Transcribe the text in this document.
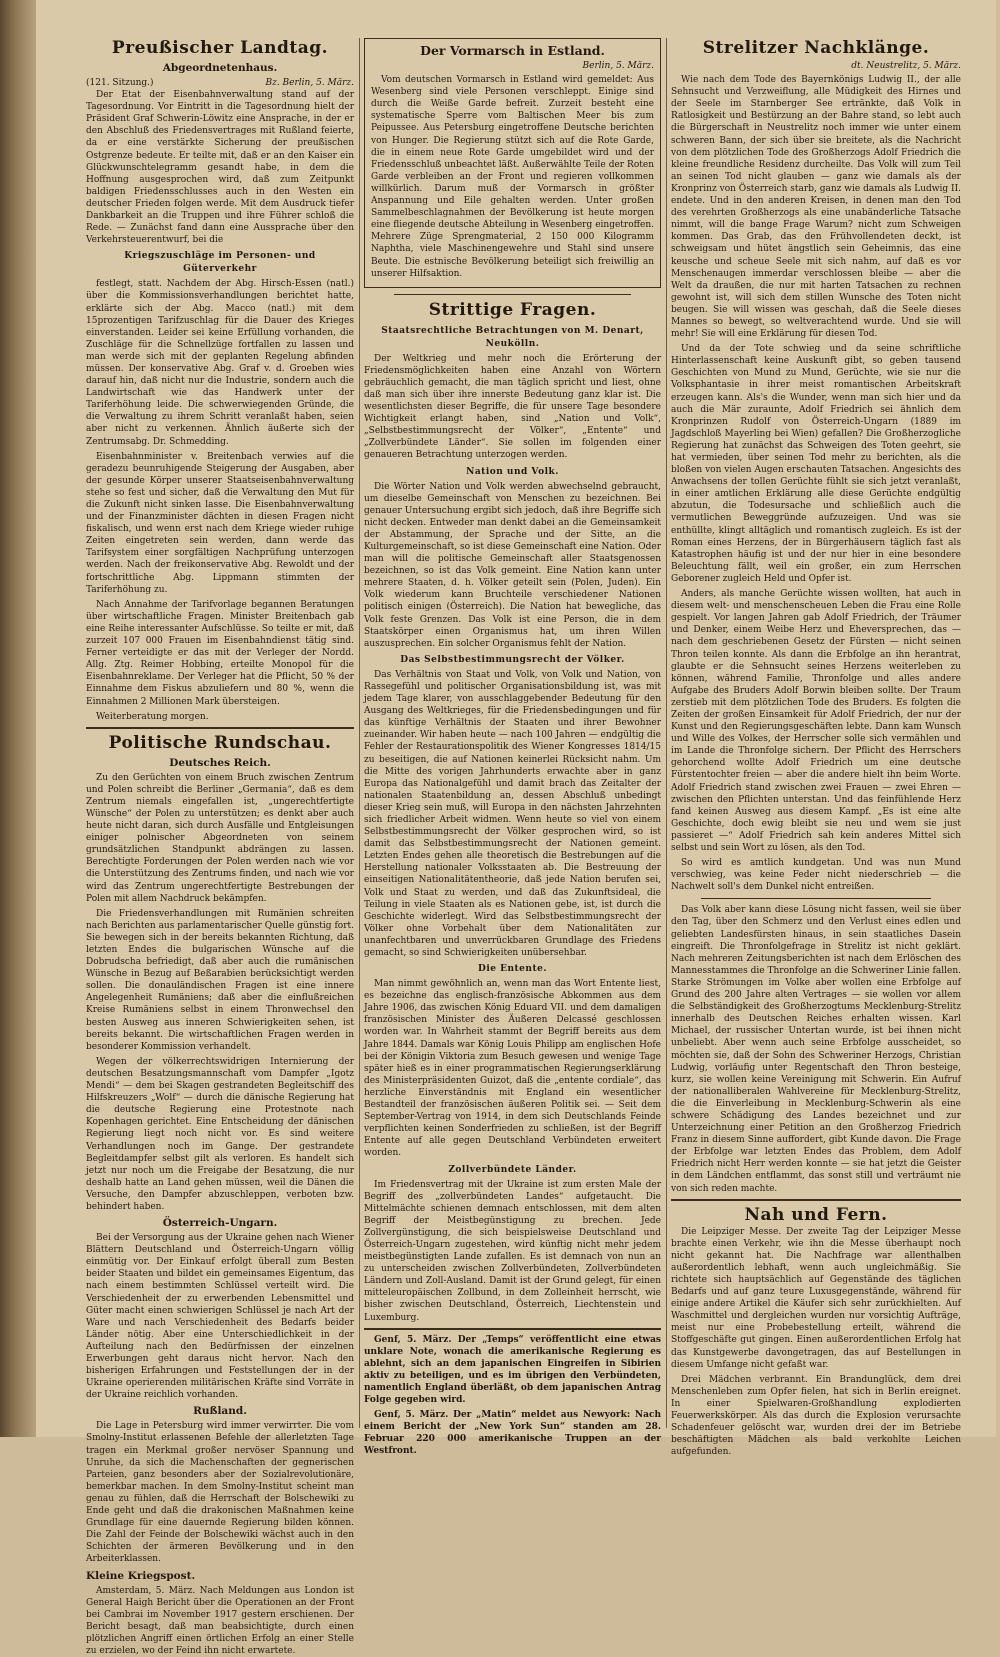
Preußischer Landtag.
Abgeordnetenhaus.
(121. Sitzung.)	Bz. Berlin, 5. März.

Der Etat der Eisenbahnverwaltung stand auf der Tagesordnung. Vor Eintritt in die Tagesordnung hielt der Präsident Graf Schwerin-Löwitz eine Ansprache, in der er den Abschluß des Friedensvertrages mit Rußland feierte, da er eine verstärkte Sicherung der preußischen Ostgrenze bedeute. Er teilte mit, daß er an den Kaiser ein Glückwunschtelegramm gesandt habe, in dem die Hoffnung ausgesprochen wird, daß zum Zeitpunkt baldigen Friedensschlusses auch in den Westen ein deutscher Frieden folgen werde. Mit dem Ausdruck tiefer Dankbarkeit an die Truppen und ihre Führer schloß die Rede. — Zunächst fand dann eine Aussprache über den Verkehrsteuerentwurf, bei die

Kriegszuschläge im Personen- und Güterverkehr

festlegt, statt. Nachdem der Abg. Hirsch-Essen (natl.) über die Kommissionsverhandlungen berichtet hatte, erklärte sich der Abg. Macco (natl.) mit dem 15prozentigen Tarifzuschlag für die Dauer des Krieges einverstanden. Leider sei keine Erfüllung vorhanden, die Zuschläge für die Schnellzüge fortfallen zu lassen und man werde sich mit der geplanten Regelung abfinden müssen. Der konservative Abg. Graf v. d. Groeben wies darauf hin, daß nicht nur die Industrie, sondern auch die Landwirtschaft wie das Handwerk unter der Tariferhöhung leide. Die schwerwiegenden Gründe, die die Verwaltung zu ihrem Schritt veranlaßt haben, seien aber nicht zu verkennen. Ähnlich äußerte sich der Zentrumsabg. Dr. Schmedding.

Eisenbahnminister v. Breitenbach verwies auf die geradezu beunruhigende Steigerung der Ausgaben, aber der gesunde Körper unserer Staatseisenbahnverwaltung stehe so fest und sicher, daß die Verwaltung den Mut für die Zukunft nicht sinken lasse. Die Eisenbahnverwaltung und der Finanzminister dächten in diesen Fragen nicht fiskalisch, und wenn erst nach dem Kriege wieder ruhige Zeiten eingetreten sein werden, dann werde das Tarifsystem einer sorgfältigen Nachprüfung unterzogen werden. Nach der freikonservative Abg. Rewoldt und der fortschrittliche Abg. Lippmann stimmten der Tariferhöhung zu.

Nach Annahme der Tarifvorlage begannen Beratungen über wirtschaftliche Fragen. Minister Breitenbach gab eine Reihe interessanter Aufschlüsse. So teilte er mit, daß zurzeit 107 000 Frauen im Eisenbahndienst tätig sind. Ferner verteidigte er das mit der Verleger der Nordd. Allg. Ztg. Reimer Hobbing, erteilte Monopol für die Eisenbahnreklame. Der Verleger hat die Pflicht, 50 % der Einnahme dem Fiskus abzuliefern und 80 %, wenn die Einnahmen 2 Millionen Mark übersteigen.

Weiterberatung morgen.

Politische Rundschau.
Deutsches Reich.

Zu den Gerüchten von einem Bruch zwischen Zentrum und Polen schreibt die Berliner „Germania“, daß es dem Zentrum niemals eingefallen ist, „ungerechtfertigte Wünsche“ der Polen zu unterstützen; es denkt aber auch heute nicht daran, sich durch Ausfälle und Entgleisungen einiger polnischer Abgeordneten von seinem grundsätzlichen Standpunkt abdrängen zu lassen. Berechtigte Forderungen der Polen werden nach wie vor die Unterstützung des Zentrums finden, und nach wie vor wird das Zentrum ungerechtfertigte Bestrebungen der Polen mit allem Nachdruck bekämpfen.

Die Friedensverhandlungen mit Rumänien schreiten nach Berichten aus parlamentarischer Quelle günstig fort. Sie bewegen sich in der bereits bekannten Richtung, daß letzten Endes die bulgarischen Wünsche auf die Dobrudscha befriedigt, daß aber auch die rumänischen Wünsche in Bezug auf Beßarabien berücksichtigt werden sollen. Die donauländischen Fragen ist eine innere Angelegenheit Rumäniens; daß aber die einflußreichen Kreise Rumäniens selbst in einem Thronwechsel den besten Ausweg aus inneren Schwierigkeiten sehen, ist bereits bekannt. Die wirtschaftlichen Fragen werden in besonderer Kommission verhandelt.

Wegen der völkerrechtswidrigen Internierung der deutschen Besatzungsmannschaft vom Dampfer „Igotz Mendi“ — dem bei Skagen gestrandeten Begleitschiff des Hilfskreuzers „Wolf“ — durch die dänische Regierung hat die deutsche Regierung eine Protestnote nach Kopenhagen gerichtet. Eine Entscheidung der dänischen Regierung liegt noch nicht vor. Es sind weitere Verhandlungen noch im Gange. Der gestrandete Begleitdampfer selbst gilt als verloren. Es handelt sich jetzt nur noch um die Freigabe der Besatzung, die nur deshalb hatte an Land gehen müssen, weil die Dänen die Versuche, den Dampfer abzuschleppen, verboten bzw. behindert haben.

Österreich-Ungarn.

Bei der Versorgung aus der Ukraine gehen nach Wiener Blättern Deutschland und Österreich-Ungarn völlig einmütig vor. Der Einkauf erfolgt überall zum Besten beider Staaten und bildet ein gemeinsames Eigentum, das nach einem bestimmten Schlüssel verteilt wird. Die Verschiedenheit der zu erwerbenden Lebensmittel und Güter macht einen schwierigen Schlüssel je nach Art der Ware und nach Verschiedenheit des Bedarfs beider Länder nötig. Aber eine Unterschiedlichkeit in der Aufteilung nach den Bedürfnissen der einzelnen Erwerbungen geht daraus nicht hervor. Nach den bisherigen Erfahrungen und Feststellungen der in der Ukraine operierenden militärischen Kräfte sind Vorräte in der Ukraine reichlich vorhanden.

Rußland.

Die Lage in Petersburg wird immer verwirrter. Die vom Smolny-Institut erlassenen Befehle der allerletzten Tage tragen ein Merkmal großer nervöser Spannung und Unruhe, da sich die Machenschaften der gegnerischen Parteien, ganz besonders aber der Sozialrevolutionäre, bemerkbar machen. In dem Smolny-Institut scheint man genau zu fühlen, daß die Herrschaft der Bolschewiki zu Ende geht und daß die drakonischen Maßnahmen keine Grundlage für eine dauernde Regierung bilden können. Die Zahl der Feinde der Bolschewiki wächst auch in den Schichten der ärmeren Bevölkerung und in den Arbeiterklassen.

Kleine Kriegspost.

Amsterdam, 5. März. Nach Meldungen aus London ist General Haigh Bericht über die Operationen an der Front bei Cambrai im November 1917 gestern erschienen. Der Bericht besagt, daß man beabsichtigte, durch einen plötzlichen Angriff einen örtlichen Erfolg an einer Stelle zu erzielen, wo der Feind ihn nicht erwartete.

Der Vormarsch in Estland.
Berlin, 5. März.

Vom deutschen Vormarsch in Estland wird gemeldet: Aus Wesenberg sind viele Personen verschleppt. Einige sind durch die Weiße Garde befreit. Zurzeit besteht eine systematische Sperre vom Baltischen Meer bis zum Peipussee. Aus Petersburg eingetroffene Deutsche berichten von Hunger. Die Regierung stützt sich auf die Rote Garde, die in einem neue Rote Garde umgebildet wird und der Friedensschluß unbeachtet läßt. Außerwählte Teile der Roten Garde verbleiben an der Front und regieren vollkommen willkürlich. Darum muß der Vormarsch in größter Anspannung und Eile gehalten werden. Unter großen Sammelbeschlagnahmen der Bevölkerung ist heute morgen eine fliegende deutsche Abteilung in Wesenberg eingetroffen. Mehrere Züge Sprengmaterial, 2 150 000 Kilogramm Naphtha, viele Maschinengewehre und Stahl sind unsere Beute. Die estnische Bevölkerung beteiligt sich freiwillig an unserer Hilfsaktion.

Strittige Fragen.
Staatsrechtliche Betrachtungen von M. Denart, Neukölln.

Der Weltkrieg und mehr noch die Erörterung der Friedensmöglichkeiten haben eine Anzahl von Wörtern gebräuchlich gemacht, die man täglich spricht und liest, ohne daß man sich über ihre innerste Bedeutung ganz klar ist. Die wesentlichsten dieser Begriffe, die für unsere Tage besondere Wichtigkeit erlangt haben, sind „Nation und Volk“, „Selbstbestimmungsrecht der Völker“, „Entente“ und „Zollverbündete Länder“. Sie sollen im folgenden einer genaueren Betrachtung unterzogen werden.

Nation und Volk.

Die Wörter Nation und Volk werden abwechselnd gebraucht, um dieselbe Gemeinschaft von Menschen zu bezeichnen. Bei genauer Untersuchung ergibt sich jedoch, daß ihre Begriffe sich nicht decken. Entweder man denkt dabei an die Gemeinsamkeit der Abstammung, der Sprache und der Sitte, an die Kulturgemeinschaft, so ist diese Gemeinschaft eine Nation. Oder man will die politische Gemeinschaft aller Staatsgenossen bezeichnen, so ist das Volk gemeint. Eine Nation kann unter mehrere Staaten, d. h. Völker geteilt sein (Polen, Juden). Ein Volk wiederum kann Bruchteile verschiedener Nationen politisch einigen (Österreich). Die Nation hat bewegliche, das Volk feste Grenzen. Das Volk ist eine Person, die in dem Staatskörper einen Organismus hat, um ihren Willen auszusprechen. Ein solcher Organismus fehlt der Nation.

Das Selbstbestimmungsrecht der Völker.

Das Verhältnis von Staat und Volk, von Volk und Nation, von Rassegefühl und politischer Organisationsbildung ist, was mit jedem Tage klarer, von ausschlaggebender Bedeutung für den Ausgang des Weltkrieges, für die Friedensbedingungen und für das künftige Verhältnis der Staaten und ihrer Bewohner zueinander. Wir haben heute — nach 100 Jahren — endgültig die Fehler der Restaurationspolitik des Wiener Kongresses 1814/15 zu beseitigen, die auf Nationen keinerlei Rücksicht nahm. Um die Mitte des vorigen Jahrhunderts erwachte aber in ganz Europa das Nationalgefühl und damit brach das Zeitalter der nationalen Staatenbildung an, dessen Abschluß unbedingt dieser Krieg sein muß, will Europa in den nächsten Jahrzehnten sich friedlicher Arbeit widmen. Wenn heute so viel von einem Selbstbestimmungsrecht der Völker gesprochen wird, so ist damit das Selbstbestimmungsrecht der Nationen gemeint. Letzten Endes gehen alle theoretisch die Bestrebungen auf die Herstellung nationaler Volksstaaten ab. Die Bestreuung der einseitigen Nationalitätentheorie, daß jede Nation berufen sei, Volk und Staat zu werden, und daß das Zukunftsideal, die Teilung in viele Staaten als es Nationen gebe, ist, ist durch die Geschichte widerlegt. Wird das Selbstbestimmungsrecht der Völker ohne Vorbehalt über dem Nationalitäten zur unanfechtbaren und unverrückbaren Grundlage des Friedens gemacht, so sind Schwierigkeiten unübersehbar.

Die Entente.

Man nimmt gewöhnlich an, wenn man das Wort Entente liest, es bezeichne das englisch-französische Abkommen aus dem Jahre 1906, das zwischen König Eduard VII. und dem damaligen französischen Minister des Äußeren Delcassé geschlossen worden war. In Wahrheit stammt der Begriff bereits aus dem Jahre 1844. Damals war König Louis Philipp am englischen Hofe bei der Königin Viktoria zum Besuch gewesen und wenige Tage später hieß es in einer programmatischen Regierungserklärung des Ministerpräsidenten Guizot, daß die „entente cordiale“, das herzliche Einverständnis mit England ein wesentlicher Bestandteil der französischen äußeren Politik sei. — Seit dem September-Vertrag von 1914, in dem sich Deutschlands Feinde verpflichten keinen Sonderfrieden zu schließen, ist der Begriff Entente auf alle gegen Deutschland Verbündeten erweitert worden.

Zollverbündete Länder.

Im Friedensvertrag mit der Ukraine ist zum ersten Male der Begriff des „zollverbündeten Landes“ aufgetaucht. Die Mittelmächte schienen demnach entschlossen, mit dem alten Begriff der Meistbegünstigung zu brechen. Jede Zollvergünstigung, die sich beispielsweise Deutschland und Österreich-Ungarn zugestehen, wird künftig nicht mehr jedem meistbegünstigten Lande zufallen. Es ist demnach von nun an zu unterscheiden zwischen Zollverbündeten, Zollverbündeten Ländern und Zoll-Ausland. Damit ist der Grund gelegt, für einen mitteleuropäischen Zollbund, in dem Zolleinheit herrscht, wie bisher zwischen Deutschland, Österreich, Liechtenstein und Luxemburg.

Genf, 5. März. Der „Temps“ veröffentlicht eine etwas unklare Note, wonach die amerikanische Regierung es ablehnt, sich an dem japanischen Eingreifen in Sibirien aktiv zu beteiligen, und es im übrigen den Verbündeten, namentlich England überläßt, ob dem japanischen Antrag Folge gegeben wird.

Genf, 5. März. Der „Matin“ meldet aus Newyork: Nach einem Bericht der „New York Sun“ standen am 28. Februar 220 000 amerikanische Truppen an der Westfront.

Strelitzer Nachklänge.
dt. Neustrelitz, 5. März.

Wie nach dem Tode des Bayernkönigs Ludwig II., der alle Sehnsucht und Verzweiflung, alle Müdigkeit des Hirnes und der Seele im Starnberger See ertränkte, daß Volk in Ratlosigkeit und Bestürzung an der Bahre stand, so lebt auch die Bürgerschaft in Neustrelitz noch immer wie unter einem schweren Bann, der sich über sie breitete, als die Nachricht von dem plötzlichen Tode des Großherzogs Adolf Friedrich die kleine freundliche Residenz durcheilte. Das Volk will zum Teil an seinen Tod nicht glauben — ganz wie damals als der Kronprinz von Österreich starb, ganz wie damals als Ludwig II. endete. Und in den anderen Kreisen, in denen man den Tod des verehrten Großherzogs als eine unabänderliche Tatsache nimmt, will die bange Frage Warum? nicht zum Schweigen kommen. Das Grab, das den Frühvollendeten deckt, ist schweigsam und hütet ängstlich sein Geheimnis, das eine keusche und scheue Seele mit sich nahm, auf daß es vor Menschenaugen immerdar verschlossen bleibe — aber die Welt da draußen, die nur mit harten Tatsachen zu rechnen gewohnt ist, will sich dem stillen Wunsche des Toten nicht beugen. Sie will wissen was geschah, daß die Seele dieses Mannes so bewegt, so weltverachtend wurde. Und sie will mehr! Sie will eine Erklärung für diesen Tod.

Und da der Tote schwieg und da seine schriftliche Hinterlassenschaft keine Auskunft gibt, so geben tausend Geschichten von Mund zu Mund, Gerüchte, wie sie nur die Volksphantasie in ihrer meist romantischen Arbeitskraft erzeugen kann. Als's die Wunder, wenn man sich hier und da auch die Mär zuraunte, Adolf Friedrich sei ähnlich dem Kronprinzen Rudolf von Österreich-Ungarn (1889 im Jagdschloß Mayerling bei Wien) gefallen? Die Großherzogliche Regierung hat zunächst das Schweigen des Toten geehrt, sie hat vermieden, über seinen Tod mehr zu berichten, als die bloßen von vielen Augen erschauten Tatsachen. Angesichts des Anwachsens der tollen Gerüchte fühlt sie sich jetzt veranlaßt, in einer amtlichen Erklärung alle diese Gerüchte endgültig abzutun, die Todesursache und schließlich auch die vermutlichen Beweggründe aufzuzeigen. Und was sie enthüllte, klingt alltäglich und romantisch zugleich. Es ist der Roman eines Herzens, der in Bürgerhäusern täglich fast als Katastrophen häufig ist und der nur hier in eine besondere Beleuchtung fällt, weil ein großer, ein zum Herrschen Geborener zugleich Held und Opfer ist.

Anders, als manche Gerüchte wissen wollten, hat auch in diesem welt- und menschenscheuen Leben die Frau eine Rolle gespielt. Vor langen Jahren gab Adolf Friedrich, der Träumer und Denker, einem Weibe Herz und Eheversprechen, das — nach dem geschriebenen Gesetz der Fürsten — nicht seinen Thron teilen konnte. Als dann die Erbfolge an ihn herantrat, glaubte er die Sehnsucht seines Herzens weiterleben zu können, während Familie, Thronfolge und alles andere Aufgabe des Bruders Adolf Borwin bleiben sollte. Der Traum zerstieb mit dem plötzlichen Tode des Bruders. Es folgten die Zeiten der großen Einsamkeit für Adolf Friedrich, der nur der Kunst und den Regierungsgeschäften lebte. Dann kam Wunsch und Wille des Volkes, der Herrscher solle sich vermählen und im Lande die Thronfolge sichern. Der Pflicht des Herrschers gehorchend wollte Adolf Friedrich um eine deutsche Fürstentochter freien — aber die andere hielt ihn beim Worte. Adolf Friedrich stand zwischen zwei Frauen — zwei Ehren — zwischen den Pflichten unterstan. Und das feinfühlende Herz fand keinen Ausweg aus diesem Kampf. „Es ist eine alte Geschichte, doch ewig bleibt sie neu und wem sie just passieret —“ Adolf Friedrich sah kein anderes Mittel sich selbst und sein Wort zu lösen, als den Tod.

So wird es amtlich kundgetan. Und was nun Mund verschwieg, was keine Feder nicht niederschrieb — die Nachwelt soll's dem Dunkel nicht entreißen.

Das Volk aber kann diese Lösung nicht fassen, weil sie über den Tag, über den Schmerz und den Verlust eines edlen und geliebten Landesfürsten hinaus, in sein staatliches Dasein eingreift. Die Thronfolgefrage in Strelitz ist nicht geklärt. Nach mehreren Zeitungsberichten ist nach dem Erlöschen des Mannesstammes die Thronfolge an die Schweriner Linie fallen. Starke Strömungen im Volke aber wollen eine Erbfolge auf Grund des 200 Jahre alten Vertrages — sie wollen vor allem die Selbständigkeit des Großherzogtums Mecklenburg-Strelitz innerhalb des Deutschen Reiches erhalten wissen. Karl Michael, der russischer Untertan wurde, ist bei ihnen nicht unbeliebt. Aber wenn auch seine Erbfolge ausscheidet, so möchten sie, daß der Sohn des Schweriner Herzogs, Christian Ludwig, vorläufig unter Regentschaft den Thron besteige, kurz, sie wollen keine Vereinigung mit Schwerin. Ein Aufruf der nationalliberalen Wahlvereine für Mecklenburg-Strelitz, die die Einverleibung in Mecklenburg-Schwerin als eine schwere Schädigung des Landes bezeichnet und zur Unterzeichnung einer Petition an den Großherzog Friedrich Franz in diesem Sinne auffordert, gibt Kunde davon. Die Frage der Erbfolge war letzten Endes das Problem, dem Adolf Friedrich nicht Herr werden konnte — sie hat jetzt die Geister in dem Ländchen entflammt, das sonst still und verträumt nie von sich reden machte.

Nah und Fern.

Die Leipziger Messe. Der zweite Tag der Leipziger Messe brachte einen Verkehr, wie ihn die Messe überhaupt noch nicht gekannt hat. Die Nachfrage war allenthalben außerordentlich lebhaft, wenn auch ungleichmäßig. Sie richtete sich hauptsächlich auf Gegenstände des täglichen Bedarfs und auf ganz teure Luxusgegenstände, während für einige andere Artikel die Käufer sich sehr zurückhielten. Auf Waschmittel und dergleichen wurden nur vorsichtig Aufträge, meist nur eine Probebestellung erteilt, während die Stoffgeschäfte gut gingen. Einen außerordentlichen Erfolg hat das Kunstgewerbe davongetragen, das auf Bestellungen in diesem Umfange nicht gefaßt war.

Drei Mädchen verbrannt. Ein Brandunglück, dem drei Menschenleben zum Opfer fielen, hat sich in Berlin ereignet. In einer Spielwaren-Großhandlung explodierten Feuerwerkskörper. Als das durch die Explosion verursachte Schadenfeuer gelöscht war, wurden drei der im Betriebe beschäftigten Mädchen als bald verkohlte Leichen aufgefunden.
